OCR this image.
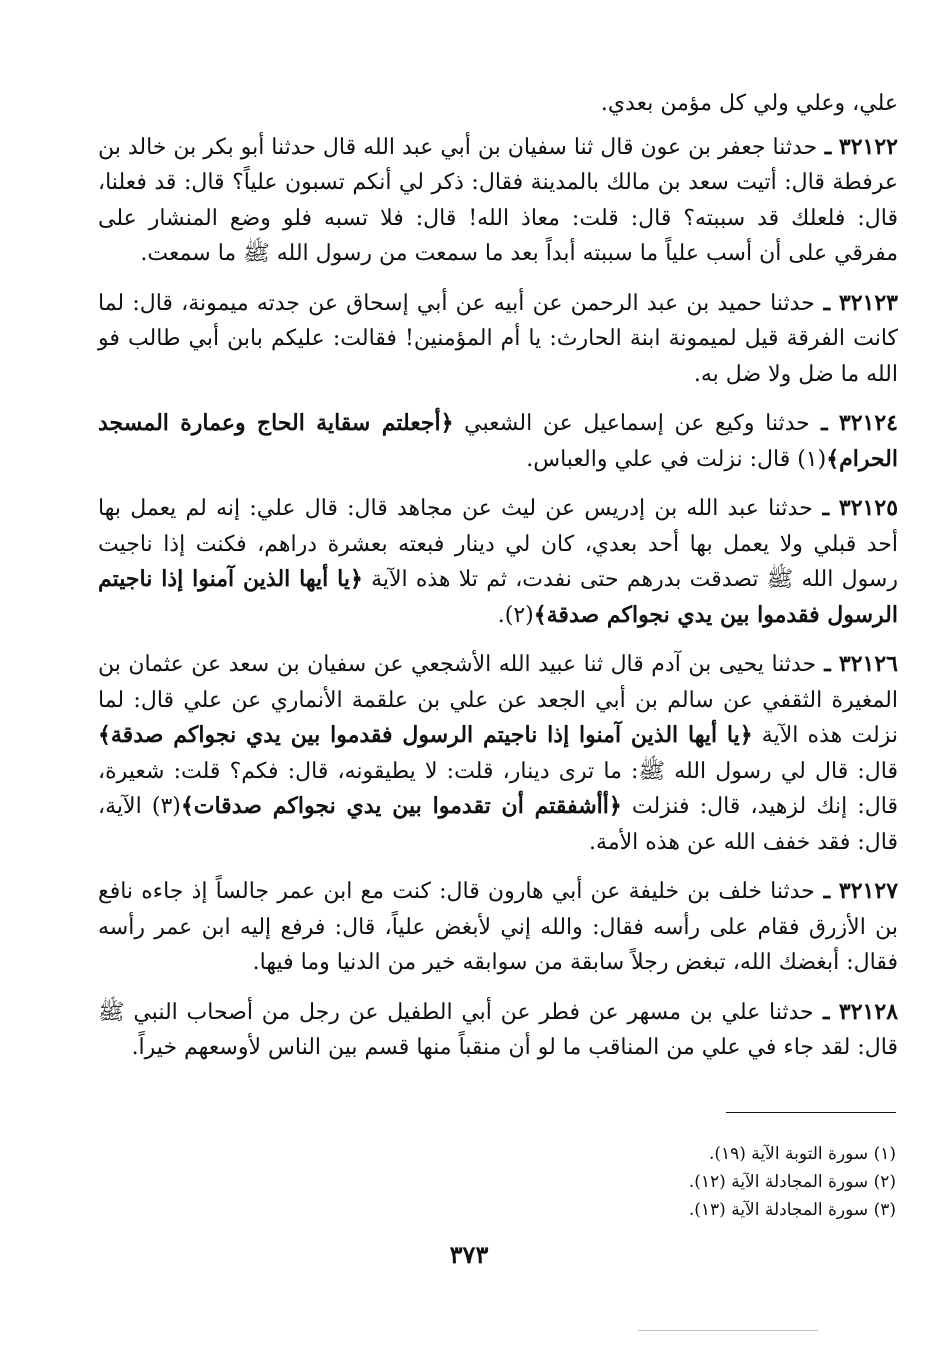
علي، وعلي ولي كل مؤمن بعدي.

٣٢١٢٢ ـ حدثنا جعفر بن عون قال ثنا سفيان بن أبي عبد الله قال حدثنا أبو بكر بن خالد بن عرفطة قال: أتيت سعد بن مالك بالمدينة فقال: ذكر لي أنكم تسبون علياً؟ قال: قد فعلنا، قال: فلعلك قد سببته؟ قال: قلت: معاذ الله! قال: فلا تسبه فلو وضع المنشار على مفرقي على أن أسب علياً ما سببته أبداً بعد ما سمعت من رسول الله ﷺ ما سمعت.

٣٢١٢٣ ـ حدثنا حميد بن عبد الرحمن عن أبيه عن أبي إسحاق عن جدته ميمونة، قال: لما كانت الفرقة قيل لميمونة ابنة الحارث: يا أم المؤمنين! فقالت: عليكم بابن أبي طالب فو الله ما ضل ولا ضل به.

٣٢١٢٤ ـ حدثنا وكيع عن إسماعيل عن الشعبي ﴿أجعلتم سقاية الحاج وعمارة المسجد الحرام﴾(١) قال: نزلت في علي والعباس.

٣٢١٢٥ ـ حدثنا عبد الله بن إدريس عن ليث عن مجاهد قال: قال علي: إنه لم يعمل بها أحد قبلي ولا يعمل بها أحد بعدي، كان لي دينار فبعته بعشرة دراهم، فكنت إذا ناجيت رسول الله ﷺ تصدقت بدرهم حتى نفدت، ثم تلا هذه الآية ﴿يا أيها الذين آمنوا إذا ناجيتم الرسول فقدموا بين يدي نجواكم صدقة﴾(٢).

٣٢١٢٦ ـ حدثنا يحيى بن آدم قال ثنا عبيد الله الأشجعي عن سفيان بن سعد عن عثمان بن المغيرة الثقفي عن سالم بن أبي الجعد عن علي بن علقمة الأنماري عن علي قال: لما نزلت هذه الآية ﴿يا أيها الذين آمنوا إذا ناجيتم الرسول فقدموا بين يدي نجواكم صدقة﴾ قال: قال لي رسول الله ﷺ: ما ترى دينار، قلت: لا يطيقونه، قال: فكم؟ قلت: شعيرة، قال: إنك لزهيد، قال: فنزلت ﴿أأشفقتم أن تقدموا بين يدي نجواكم صدقات﴾(٣) الآية، قال: فقد خفف الله عن هذه الأمة.

٣٢١٢٧ ـ حدثنا خلف بن خليفة عن أبي هارون قال: كنت مع ابن عمر جالساً إذ جاءه نافع بن الأزرق فقام على رأسه فقال: والله إني لأبغض علياً، قال: فرفع إليه ابن عمر رأسه فقال: أبغضك الله، تبغض رجلاً سابقة من سوابقه خير من الدنيا وما فيها.

٣٢١٢٨ ـ حدثنا علي بن مسهر عن فطر عن أبي الطفيل عن رجل من أصحاب النبي ﷺ قال: لقد جاء في علي من المناقب ما لو أن منقباً منها قسم بين الناس لأوسعهم خيراً.

(١) سورة التوبة الآية (١٩).

(٢) سورة المجادلة الآية (١٢).

(٣) سورة المجادلة الآية (١٣).

٣٧٣
